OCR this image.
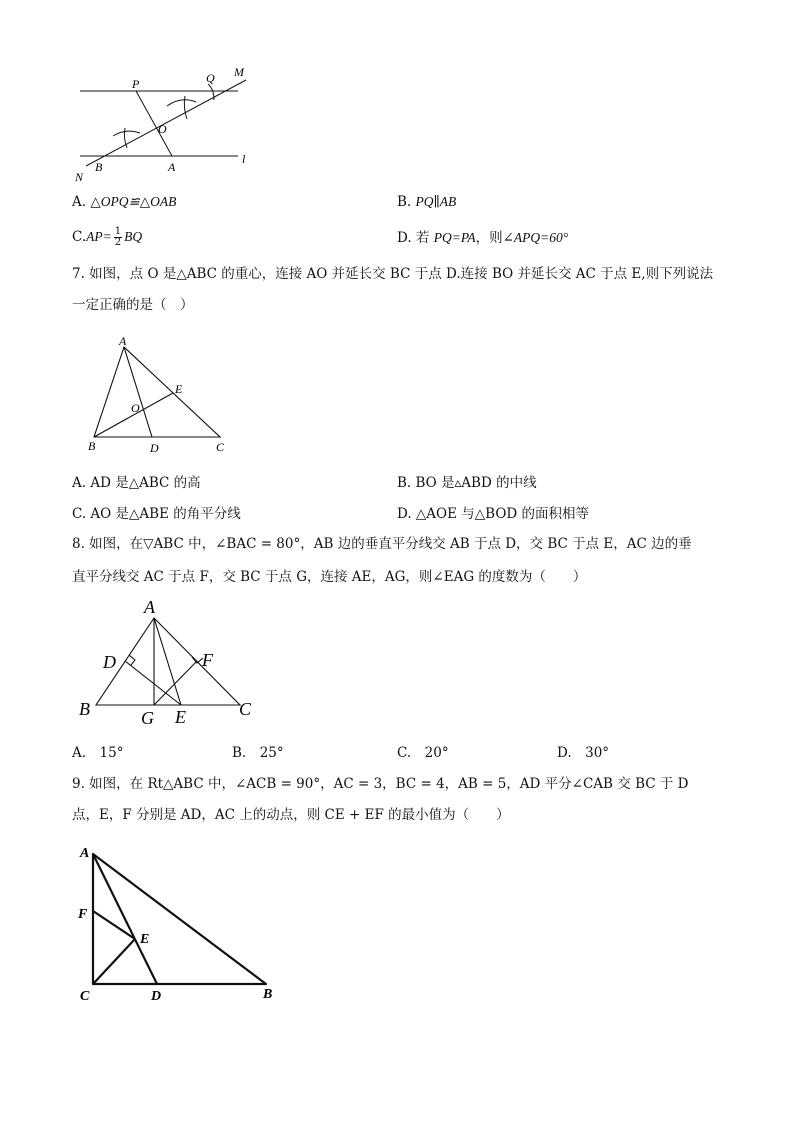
P	Q M
O
N
B	A
l
A. △OPQ≌△OAB	B. PQ∥AB
$C.AP= \frac{1}{2}$ BQ	D. 若 PQ=PA，则∠APQ=60°
7. 如图，点 O 是△ABC 的重心，连接 AO 并延长交 BC 于点 D.连接 BO 并延长交 AC 于点 E,则下列说法
一定正确的是（　）
A
E
O
B	D	C
A. AD 是△ABC 的高	B. BO 是▵ABD 的中线
C. AO 是△ABE 的角平分线	D. △AOE 与△BOD 的面积相等
8. 如图，在▽ABC 中，∠BAC = 80°，AB 边的垂直平分线交 AB 于点 D，交 BC 于点 E，AC 边的垂
直平分线交 AC 于点 F，交 BC 于点 G，连接 AE，AG，则∠EAG 的度数为（　　）
A
D	F
B	G E	C
A.　15°	B.　25°	C.　20°	D.　30°
9. 如图，在 Rt△ABC 中，∠ACB = 90°，AC = 3，BC = 4，AB = 5，AD 平分∠CAB 交 BC 于 D
点，E，F 分别是 AD，AC 上的动点，则 CE + EF 的最小值为（　　）
A
F
E
C	D	B
